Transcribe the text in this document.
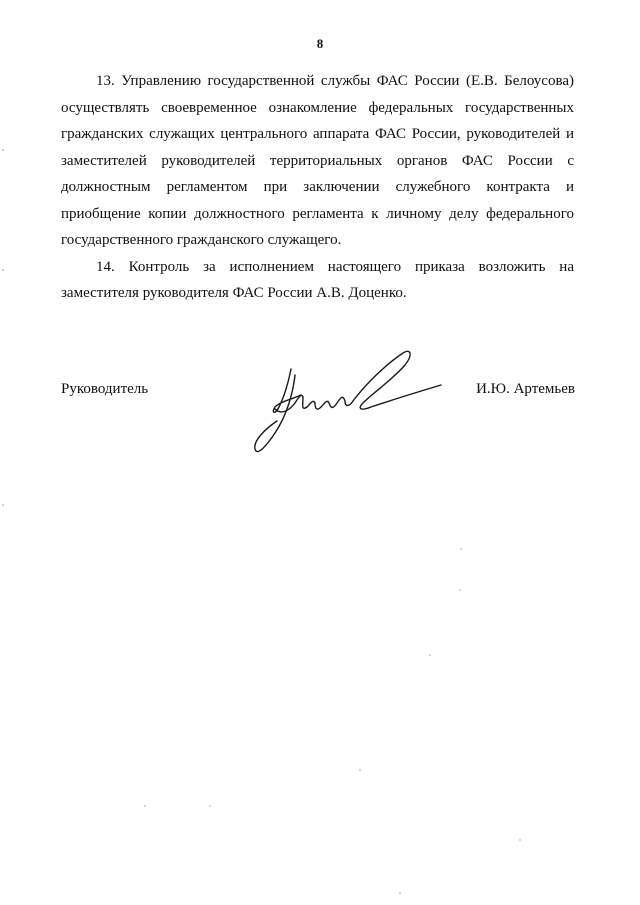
8

13. Управлению государственной службы ФАС России (Е.В. Белоусова) осуществлять своевременное ознакомление федеральных государственных гражданских служащих центрального аппарата ФАС России, руководителей и заместителей руководителей территориальных органов ФАС России с должностным регламентом при заключении служебного контракта и приобщение копии должностного регламента к личному делу федерального государственного гражданского служащего.

14. Контроль за исполнением настоящего приказа возложить на заместителя руководителя ФАС России А.В. Доценко.

Руководитель	И.Ю. Артемьев
